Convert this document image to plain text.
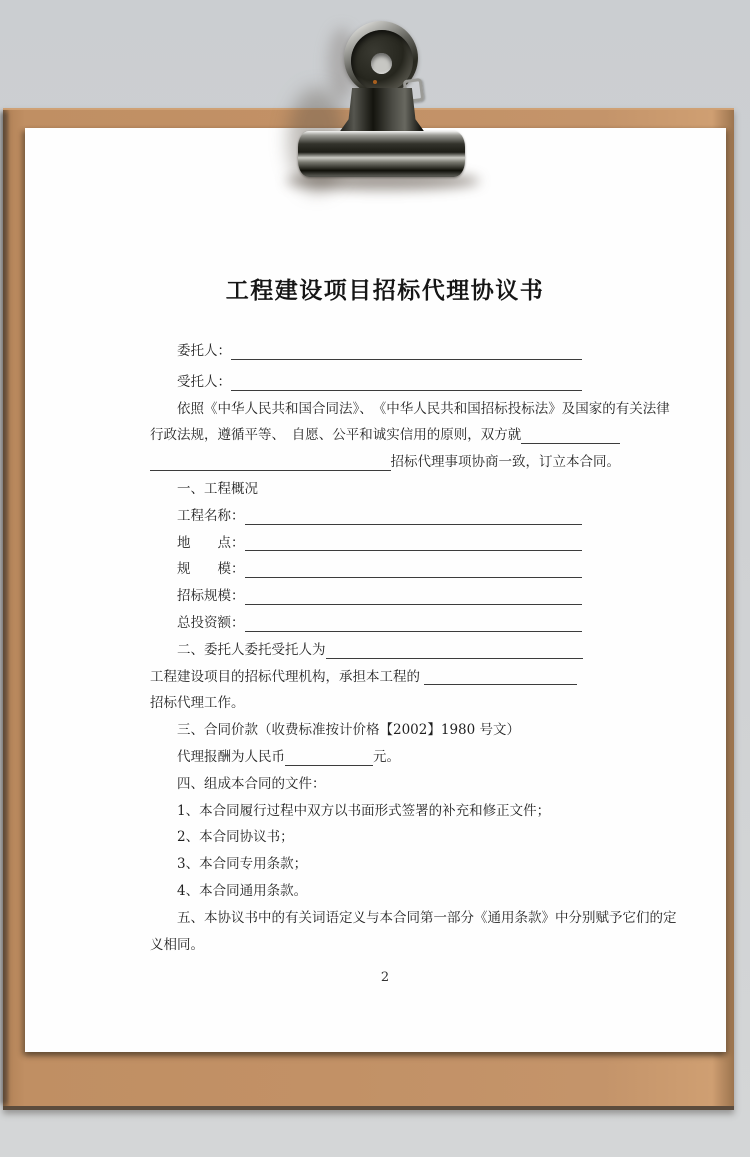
工程建设项目招标代理协议书
委托人：
受托人：
依照《中华人民共和国合同法》、　《中华人民共和国招标投标法》及国家的有关法律
行政法规，遵循平等、　自愿、公平和诚实信用的原则，双方就
招标代理事项协商一致，订立本合同。
一、工程概况
工程名称：
地　　点：
规　　模：
招标规模：
总投资额：
二、委托人委托受托人为
工程建设项目的招标代理机构，承担本工程的
招标代理工作。
三、合同价款（收费标准按计价格【2002】1980 号文）
代理报酬为人民币	元。
四、组成本合同的文件：
1、本合同履行过程中双方以书面形式签署的补充和修正文件；
2、本合同协议书；
3、本合同专用条款；
4、本合同通用条款。
五、本协议书中的有关词语定义与本合同第一部分《通用条款》中分别赋予它们的定
义相同。
2
